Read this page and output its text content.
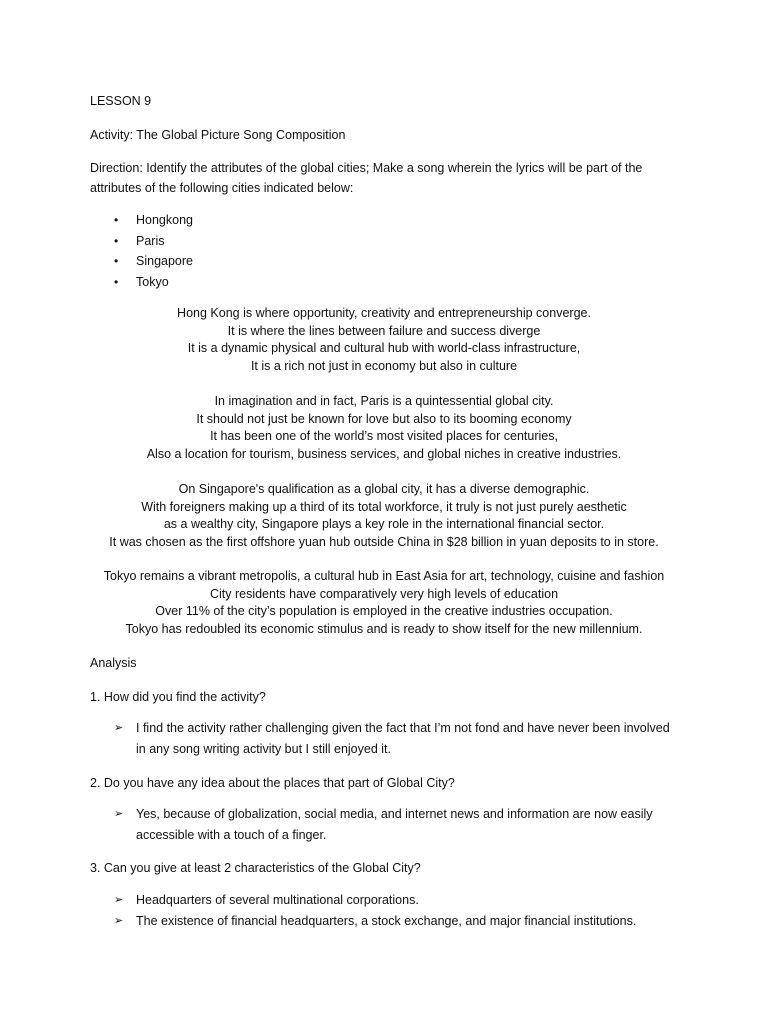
LESSON 9

Activity: The Global Picture Song Composition

Direction: Identify the attributes of the global cities; Make a song wherein the lyrics will be part of the attributes of the following cities indicated below:

• Hongkong
• Paris
• Singapore
• Tokyo
Hong Kong is where opportunity, creativity and entrepreneurship converge.
It is where the lines between failure and success diverge
It is a dynamic physical and cultural hub with world-class infrastructure,
It is a rich not just in economy but also in culture
In imagination and in fact, Paris is a quintessential global city.
It should not just be known for love but also to its booming economy
It has been one of the world’s most visited places for centuries,
Also a location for tourism, business services, and global niches in creative industries.
On Singapore's qualification as a global city, it has a diverse demographic.
With foreigners making up a third of its total workforce, it truly is not just purely aesthetic
as a wealthy city, Singapore plays a key role in the international financial sector.
It was chosen as the first offshore yuan hub outside China in $28 billion in yuan deposits to in store.
Tokyo remains a vibrant metropolis, a cultural hub in East Asia for art, technology, cuisine and fashion
City residents have comparatively very high levels of education
Over 11% of the city’s population is employed in the creative industries occupation.
Tokyo has redoubled its economic stimulus and is ready to show itself for the new millennium.

Analysis

1. How did you find the activity?

➢ I find the activity rather challenging given the fact that I’m not fond and have never been involved in any song writing activity but I still enjoyed it.

2. Do you have any idea about the places that part of Global City?

➢ Yes, because of globalization, social media, and internet news and information are now easily accessible with a touch of a finger.

3. Can you give at least 2 characteristics of the Global City?

➢ Headquarters of several multinational corporations.
➢ The existence of financial headquarters, a stock exchange, and major financial institutions.
